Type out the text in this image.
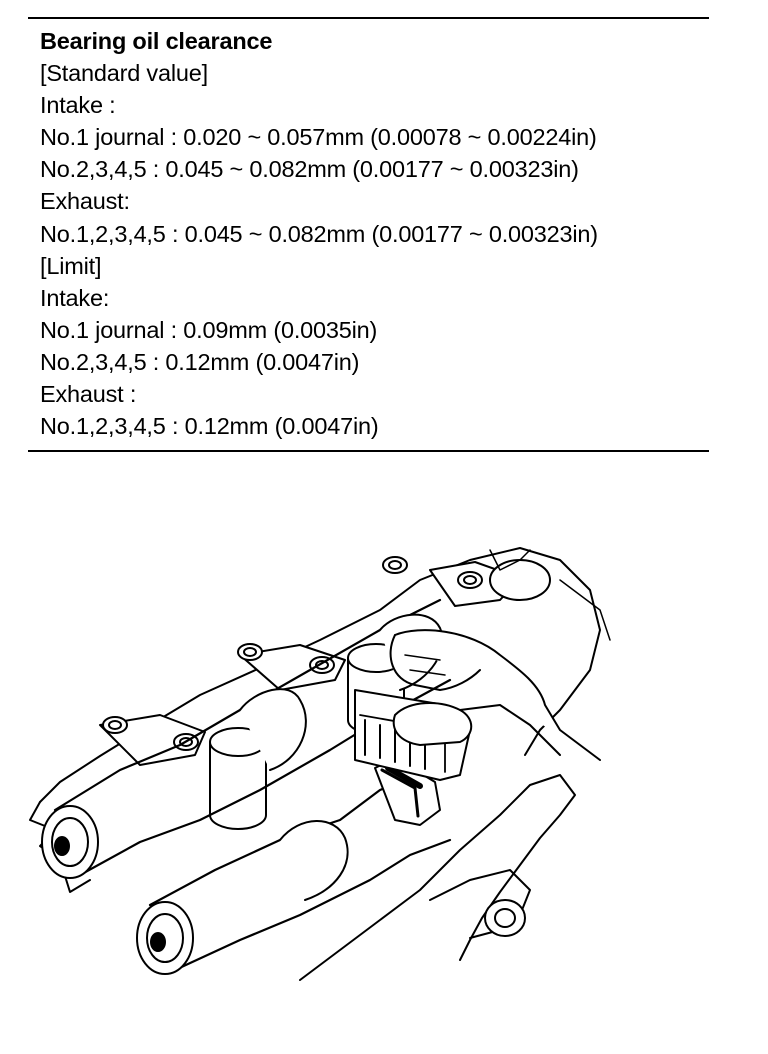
Bearing oil clearance
[Standard value]
Intake :
No.1 journal : 0.020 ~ 0.057mm (0.00078 ~ 0.00224in)
No.2,3,4,5 : 0.045 ~ 0.082mm (0.00177 ~ 0.00323in)
Exhaust:
No.1,2,3,4,5 : 0.045 ~ 0.082mm (0.00177 ~ 0.00323in)
[Limit]
Intake:
No.1 journal : 0.09mm (0.0035in)
No.2,3,4,5 : 0.12mm (0.0047in)
Exhaust :
No.1,2,3,4,5 : 0.12mm (0.0047in)
